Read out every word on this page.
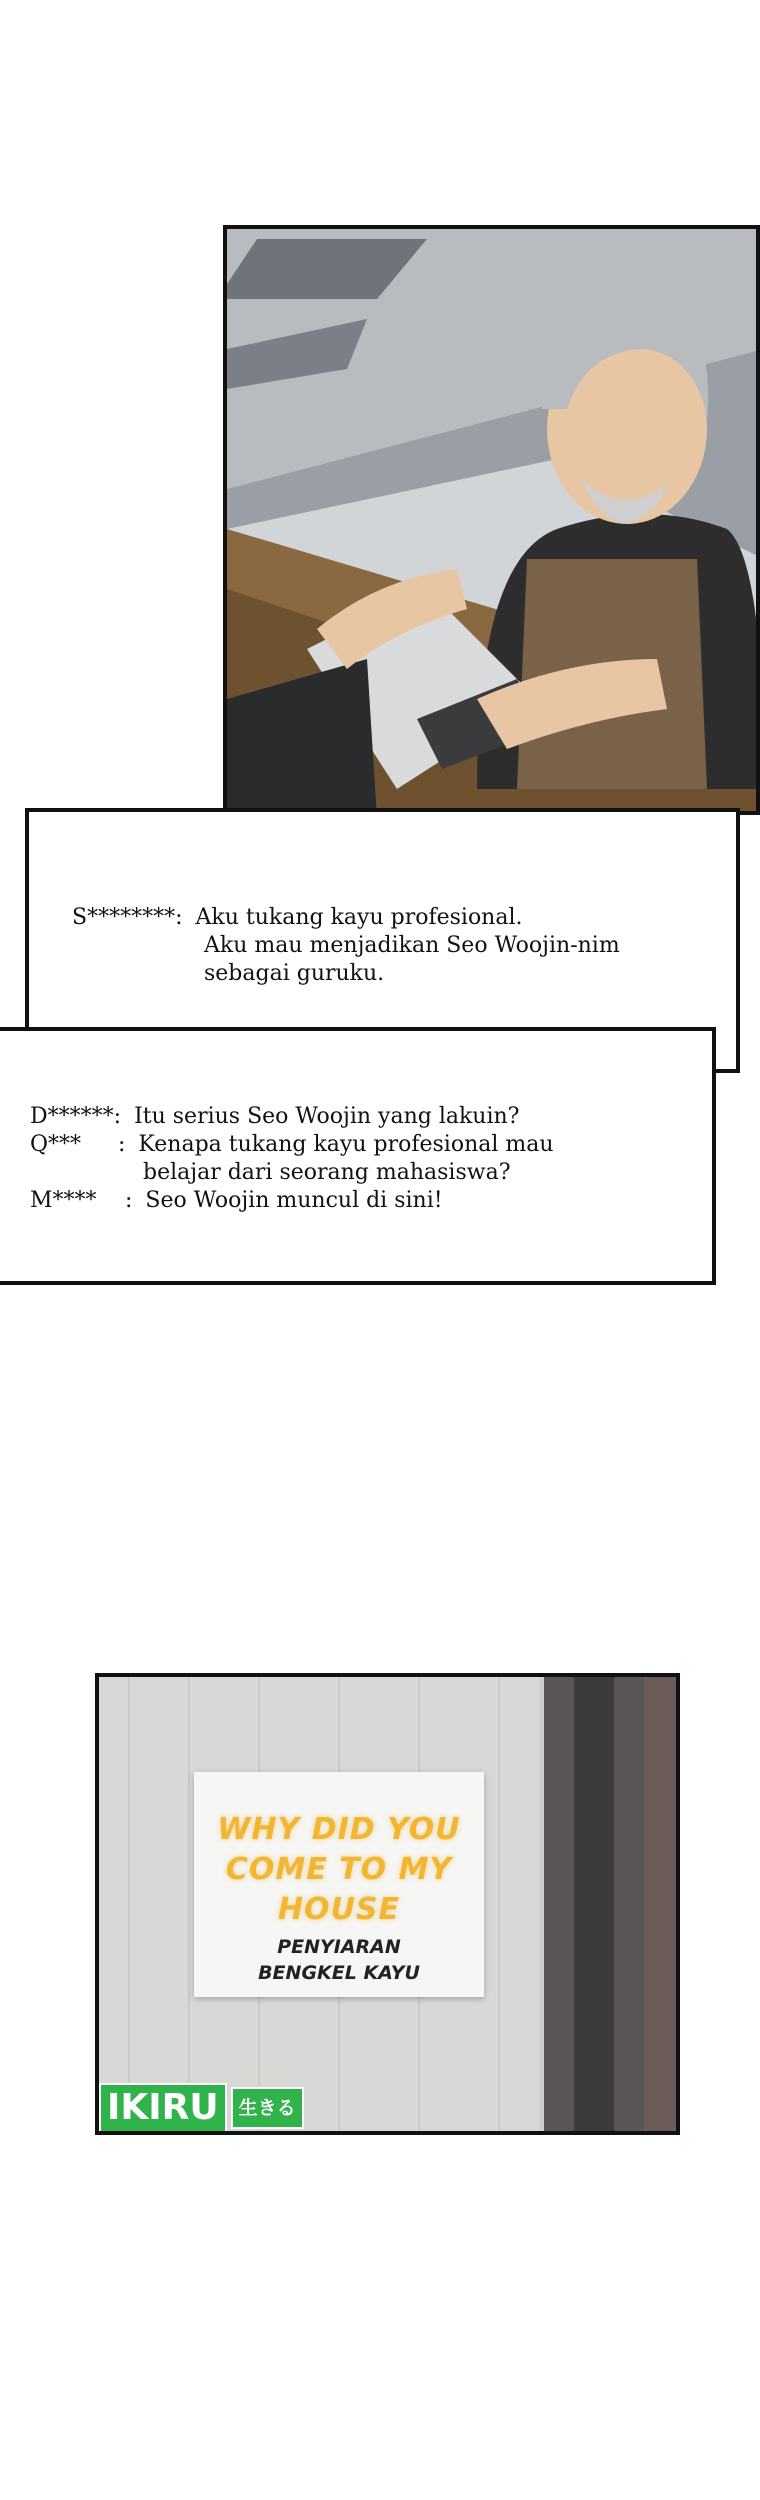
S********: Aku tukang kayu profesional.
Aku mau menjadikan Seo Woojin-nim
sebagai guruku.
D******: Itu serius Seo Woojin yang lakuin?
Q*** : Kenapa tukang kayu profesional mau
belajar dari seorang mahasiswa?
M**** : Seo Woojin muncul di sini!
WHY DID YOU
COME TO MY
HOUSE
PENYIARAN
BENGKEL KAYU
IKIRU	生きる
